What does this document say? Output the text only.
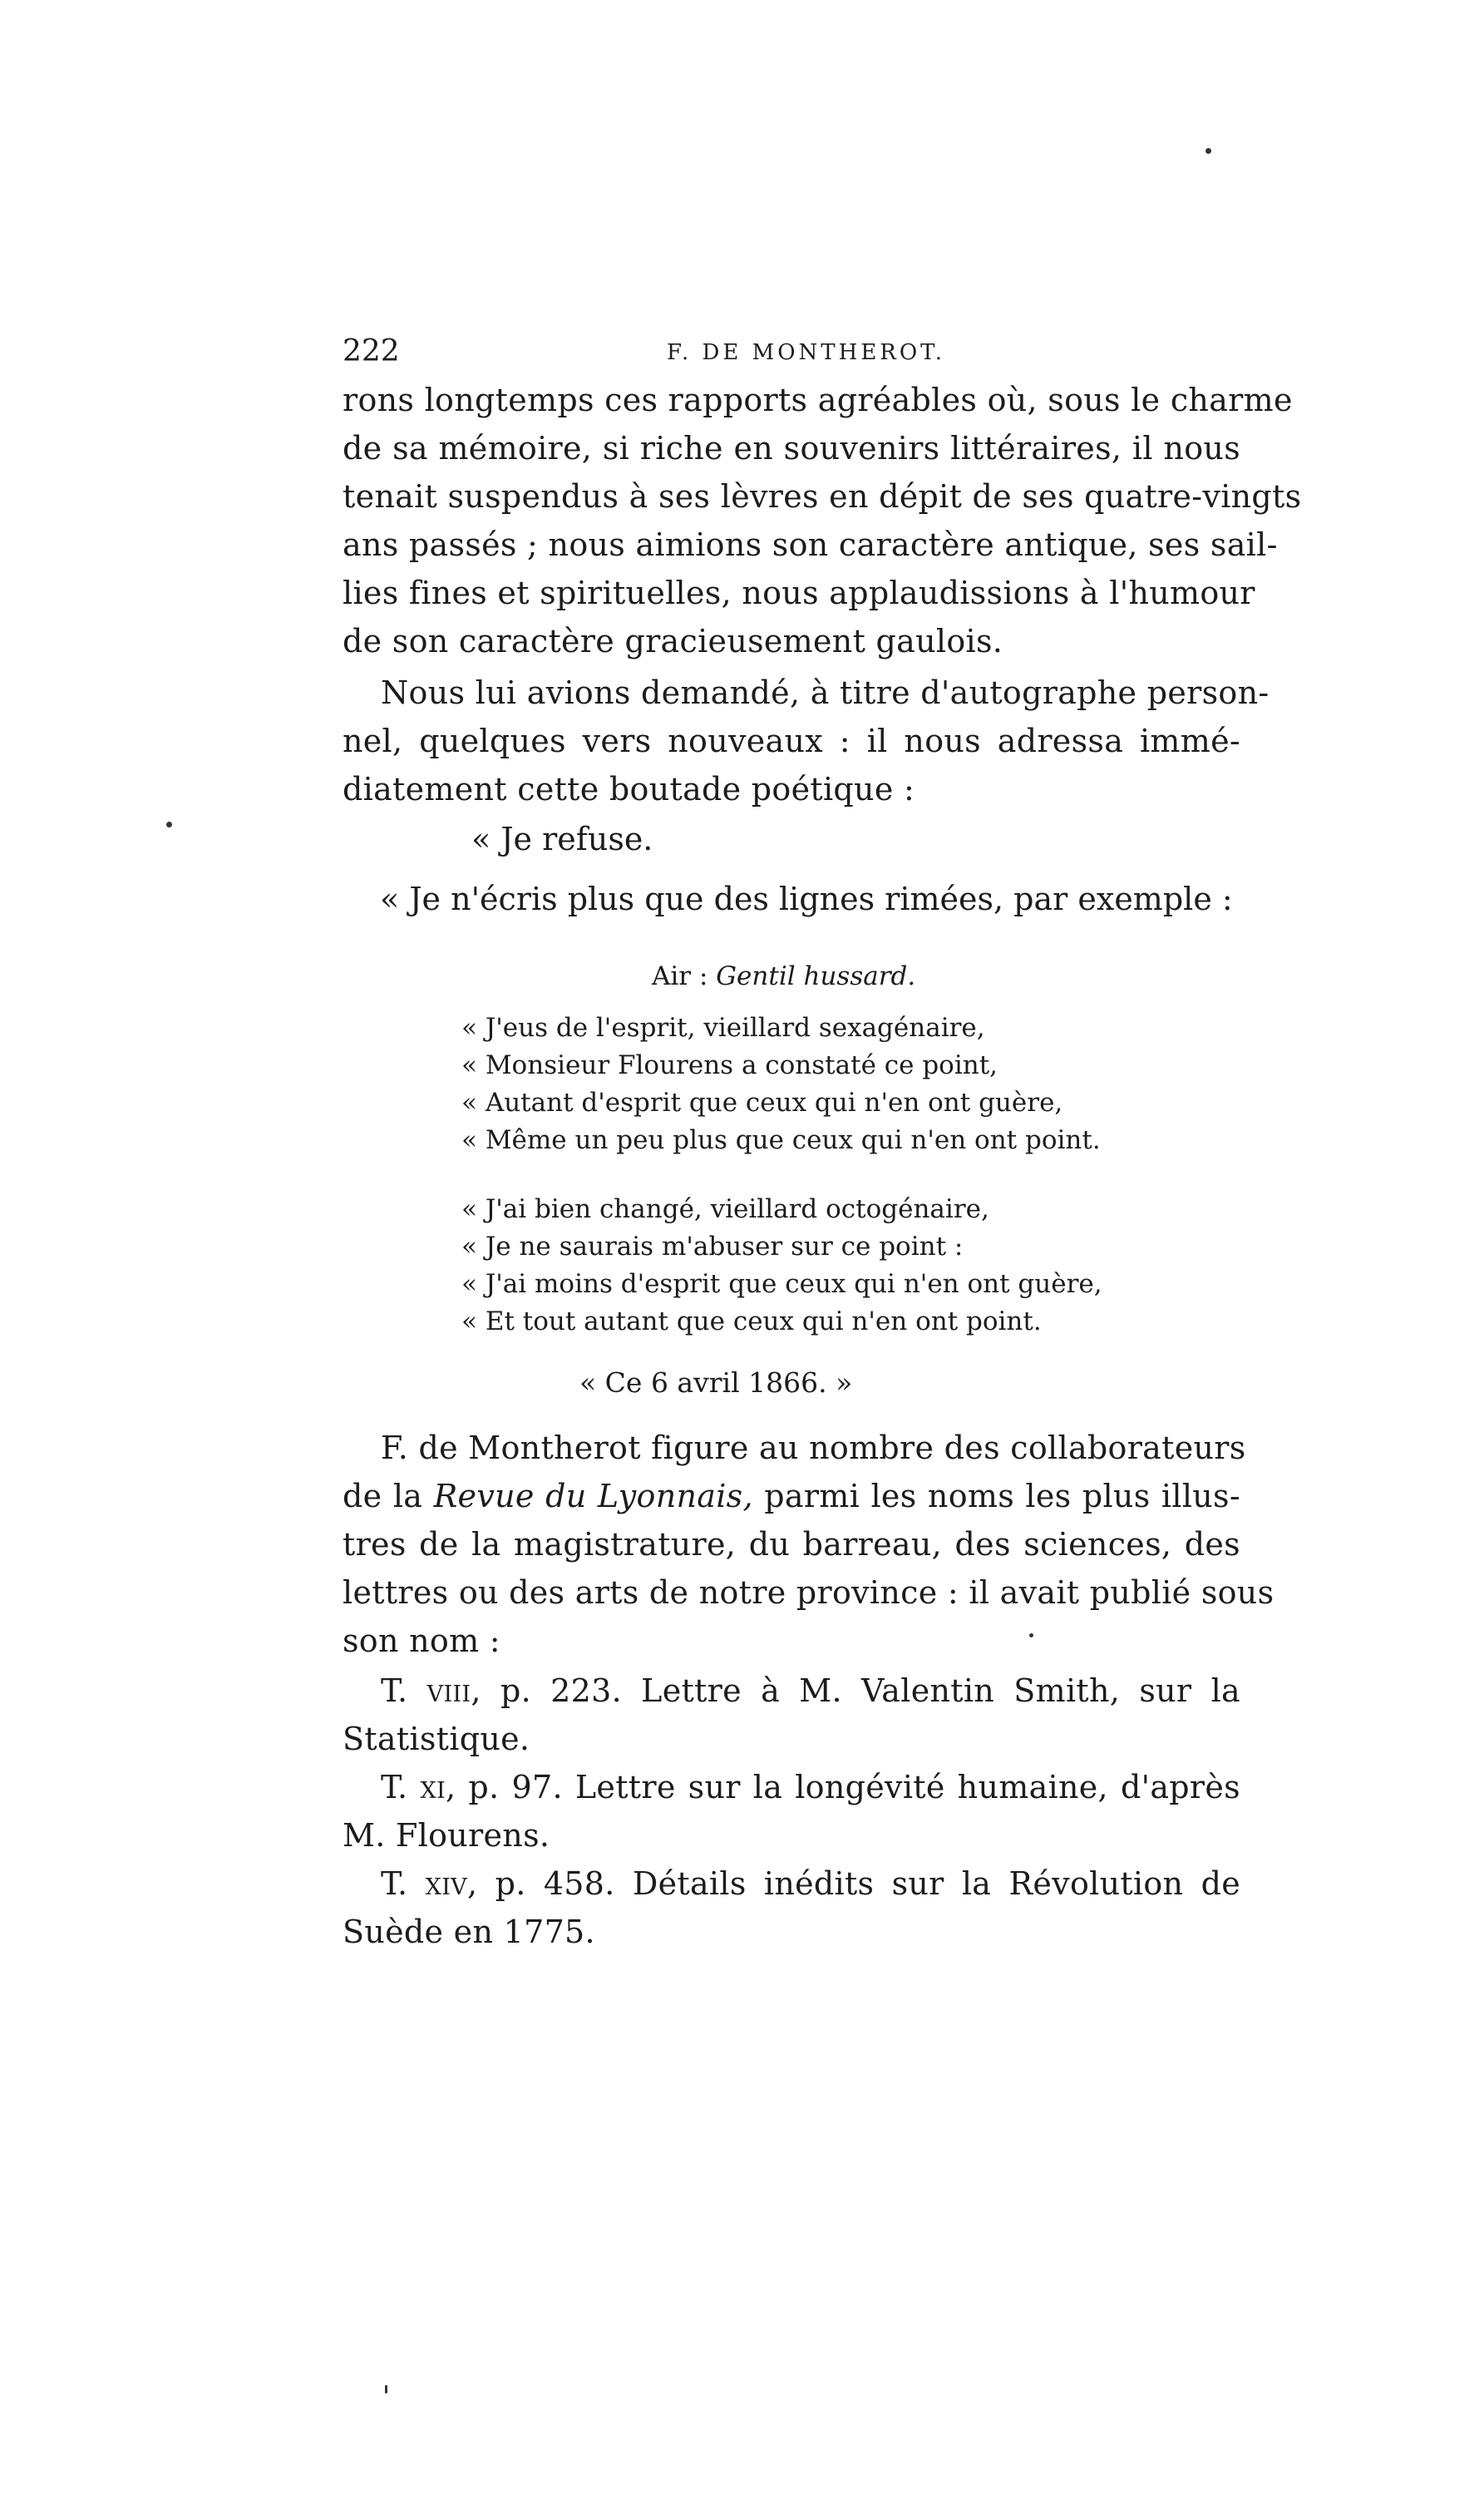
222	F. DE MONTHEROT.
rons longtemps ces rapports agréables où, sous le charme
de sa mémoire, si riche en souvenirs littéraires, il nous
tenait suspendus à ses lèvres en dépit de ses quatre-vingts
ans passés ; nous aimions son caractère antique, ses sail-
lies fines et spirituelles, nous applaudissions à l'humour
de son caractère gracieusement gaulois.
Nous lui avions demandé, à titre d'autographe person-
nel, quelques vers nouveaux : il nous adressa immé-
diatement cette boutade poétique :
« Je refuse.
« Je n'écris plus que des lignes rimées, par exemple :
Air : Gentil hussard.
« J'eus de l'esprit, vieillard sexagénaire,
« Monsieur Flourens a constaté ce point,
« Autant d'esprit que ceux qui n'en ont guère,
« Même un peu plus que ceux qui n'en ont point.
« J'ai bien changé, vieillard octogénaire,
« Je ne saurais m'abuser sur ce point :
« J'ai moins d'esprit que ceux qui n'en ont guère,
« Et tout autant que ceux qui n'en ont point.
« Ce 6 avril 1866. »
F. de Montherot figure au nombre des collaborateurs
de la Revue du Lyonnais, parmi les noms les plus illus-
tres de la magistrature, du barreau, des sciences, des
lettres ou des arts de notre province : il avait publié sous
son nom :
T. viii, p. 223. Lettre à M. Valentin Smith, sur la
Statistique.
T. xi, p. 97. Lettre sur la longévité humaine, d'après
M. Flourens.
T. xiv, p. 458. Détails inédits sur la Révolution de
Suède en 1775.
